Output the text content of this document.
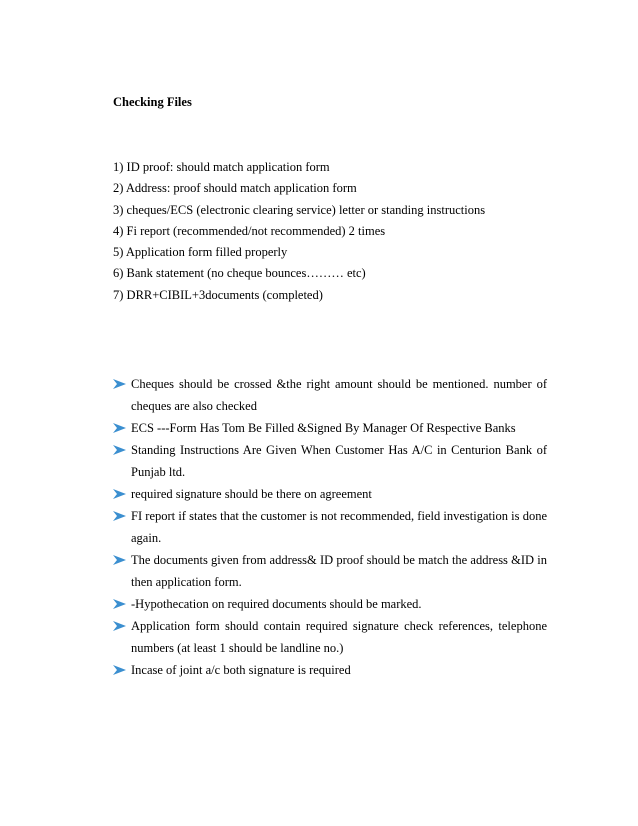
Checking Files
1) ID proof: should match application form
2) Address: proof should match application form
3) cheques/ECS (electronic clearing service) letter or standing instructions
4) Fi report (recommended/not recommended) 2 times
5) Application form filled properly
6) Bank statement (no cheque bounces……… etc)
7) DRR+CIBIL+3documents (completed)
Cheques should be crossed &the right amount should be mentioned. number of cheques are also checked
ECS ---Form Has Tom Be Filled &Signed By Manager Of Respective Banks
Standing Instructions Are Given When Customer Has A/C in Centurion Bank of Punjab ltd.
required signature should be there on agreement
FI report if states that the customer is not recommended, field investigation is done again.
The documents given from address& ID proof should be match the address &ID in then application form.
-Hypothecation on required documents should be marked.
Application form should contain required signature check references, telephone numbers (at least 1 should be landline no.)
Incase of joint a/c both signature is required
